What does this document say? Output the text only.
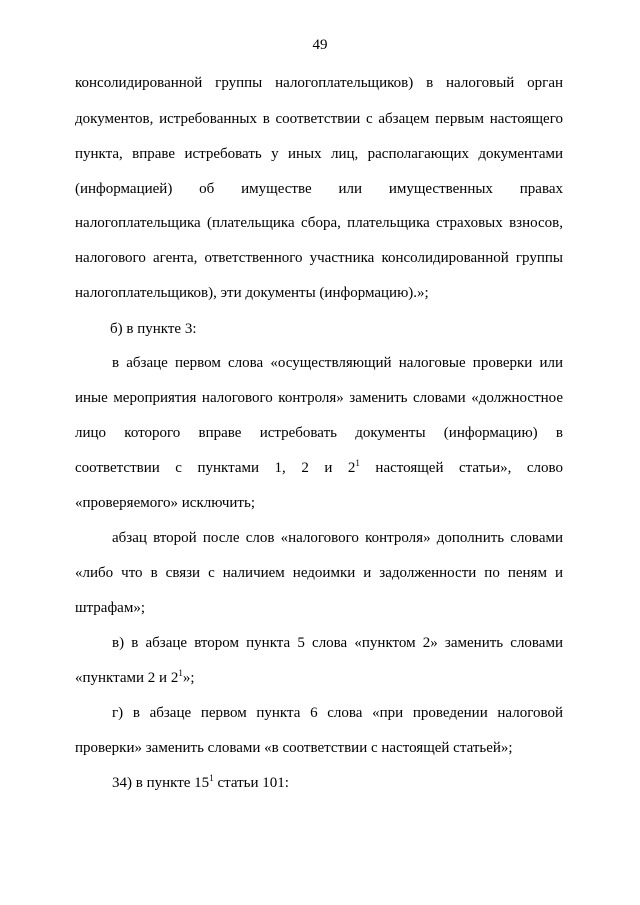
49
консолидированной группы налогоплательщиков) в налоговый орган
документов, истребованных в соответствии с абзацем первым настоящего
пункта, вправе истребовать у иных лиц, располагающих документами
(информацией) об имуществе или имущественных правах
налогоплательщика (плательщика сбора, плательщика страховых взносов,
налогового агента, ответственного участника консолидированной группы
налогоплательщиков), эти документы (информацию).»;
б) в пункте 3:
в абзаце первом слова «осуществляющий налоговые проверки или
иные мероприятия налогового контроля» заменить словами «должностное
лицо которого вправе истребовать документы (информацию) в
соответствии с пунктами 1, 2 и $2^1$ настоящей статьи», слово
«проверяемого» исключить;
абзац второй после слов «налогового контроля» дополнить словами
«либо что в связи с наличием недоимки и задолженности по пеням и
штрафам»;
в) в абзаце втором пункта 5 слова «пунктом 2» заменить словами
«пунктами 2 и $2^1$»;
г) в абзаце первом пункта 6 слова «при проведении налоговой
проверки» заменить словами «в соответствии с настоящей статьей»;
34) в пункте $15^1$ статьи 101:
